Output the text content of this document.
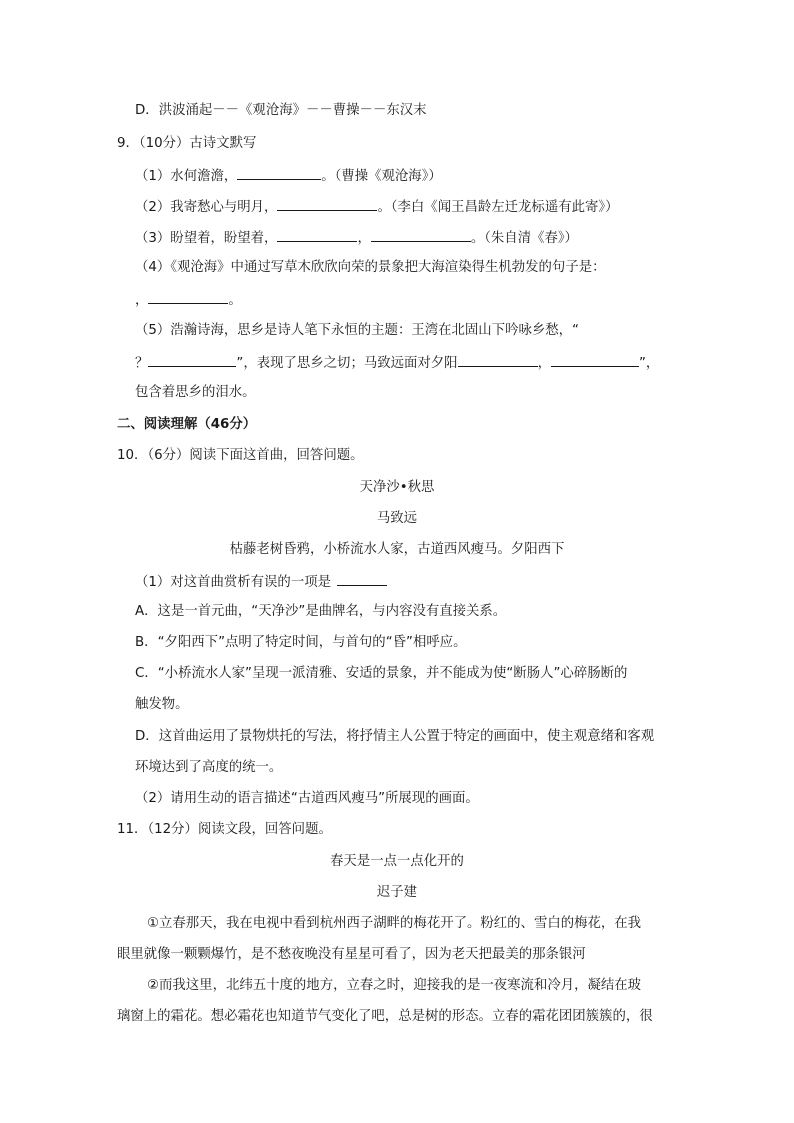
D．洪波涌起－－《观沧海》－－曹操－－东汉末
9．（10分）古诗文默写
（1）水何澹澹，	。（曹操《观沧海》）
（2）我寄愁心与明月，	。（李白《闻王昌龄左迁龙标遥有此寄》）
（3）盼望着，盼望着，	，	。（朱自清《春》）
（4）《观沧海》中通过写草木欣欣向荣的景象把大海渲染得生机勃发的句子是：
，	。
（5）浩瀚诗海，思乡是诗人笔下永恒的主题：王湾在北固山下吟咏乡愁，“
？	”，表现了思乡之切；马致远面对夕阳	，	”，
包含着思乡的泪水。
二、阅读理解（46分）
10．（6分）阅读下面这首曲，回答问题。
天净沙•秋思
马致远
枯藤老树昏鸦，小桥流水人家，古道西风瘦马。夕阳西下
（1）对这首曲赏析有误的一项是
A．这是一首元曲，“天净沙”是曲牌名，与内容没有直接关系。
B．“夕阳西下”点明了特定时间，与首句的“昏”相呼应。
C．“小桥流水人家”呈现一派清雅、安适的景象，并不能成为使“断肠人”心碎肠断的
触发物。
D．这首曲运用了景物烘托的写法，将抒情主人公置于特定的画面中，使主观意绪和客观
环境达到了高度的统一。
（2）请用生动的语言描述“古道西风瘦马”所展现的画面。
11．（12分）阅读文段，回答问题。
春天是一点一点化开的
迟子建
①立春那天，我在电视中看到杭州西子湖畔的梅花开了。粉红的、雪白的梅花，在我
眼里就像一颗颗爆竹，是不愁夜晚没有星星可看了，因为老天把最美的那条银河
②而我这里，北纬五十度的地方，立春之时，迎接我的是一夜寒流和冷月，凝结在玻
璃窗上的霜花。想必霜花也知道节气变化了吧，总是树的形态。立春的霜花团团簇簇的，很
